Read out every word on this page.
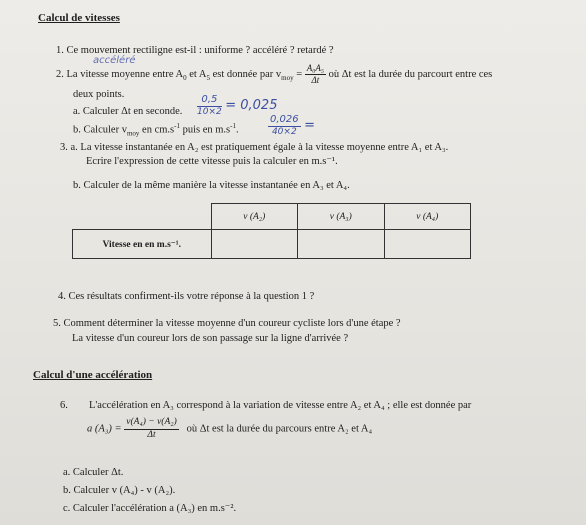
Calcul de vitesses
1. Ce mouvement rectiligne est-il : uniforme ? accéléré ? retardé ?
accéléré
2. La vitesse moyenne entre $A_0$ et $A_5$ est donnée par $v_{moy} = \frac{\text{A₀A₅}}{\Delta t}$ où Δt est la durée du parcourt entre ces
deux points.
a. Calculer Δt en seconde. $\frac{0,5}{10\times 2} = 0,025$
b. Calculer $v_{moy}$ en $cm.s^{-1}$ puis en $m.s^{-1}$.	$\frac{0,026}{40\times 2}$ =
3. a. La vitesse instantanée en A₂ est pratiquement égale à la vitesse moyenne entre A₁ et A₃.
Ecrire l'expression de cette vitesse puis la calculer en m.s⁻¹.
b. Calculer de la même manière la vitesse instantanée en A₃ et A₄.
	v (A₂)	v (A₃)	v (A₄)
Vitesse en en m.s⁻¹.			
4. Ces résultats confirment-ils votre réponse à la question 1 ?
5. Comment déterminer la vitesse moyenne d'un coureur cycliste lors d'une étape ?
La vitesse d'un coureur lors de son passage sur la ligne d'arrivée ?
Calcul d'une accélération
6. L'accélération en A₃ correspond à la variation de vitesse entre A₂ et A₄ ; elle est donnée par
a $(A_3) = \frac{\text{v(A₄) − v(A₂)}}{\Delta t}$ où Δt est la durée du parcours entre A₂ et A₄
a. Calculer Δt.
b. Calculer v (A₄) - v (A₂).
c. Calculer l'accélération a (A₃) en m.s⁻².
